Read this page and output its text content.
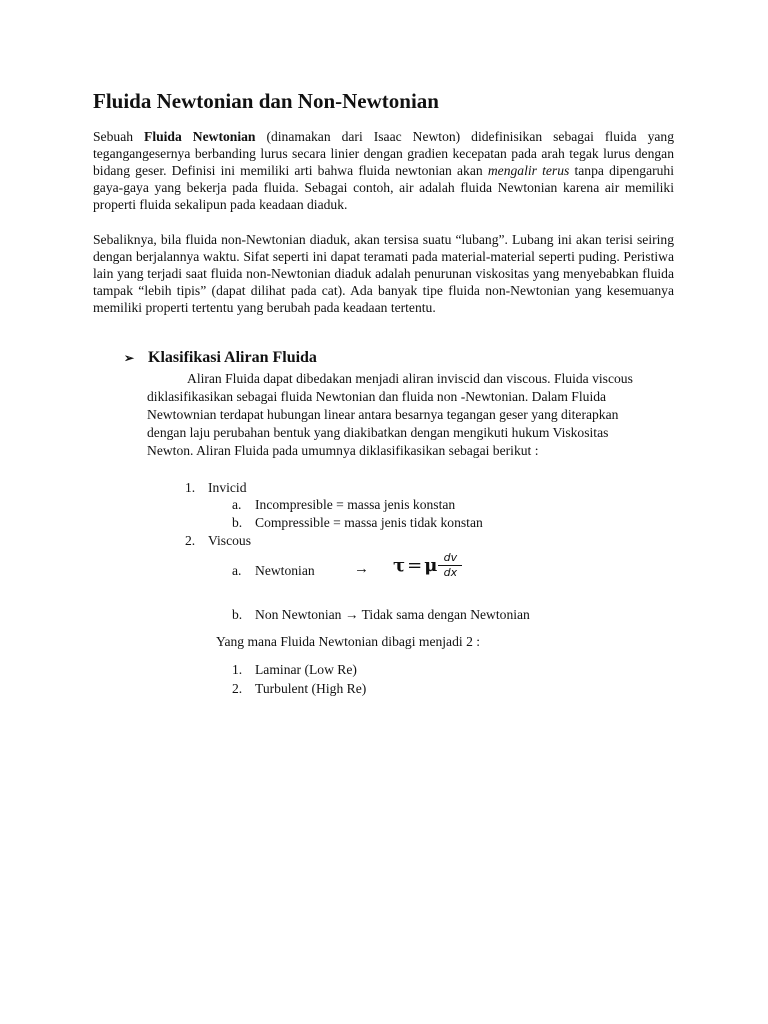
Fluida Newtonian dan Non-Newtonian

Sebuah Fluida Newtonian (dinamakan dari Isaac Newton) didefinisikan sebagai fluida yang tegangangesernya berbanding lurus secara linier dengan gradien kecepatan pada arah tegak lurus dengan bidang geser. Definisi ini memiliki arti bahwa fluida newtonian akan mengalir terus tanpa dipengaruhi gaya-gaya yang bekerja pada fluida. Sebagai contoh, air adalah fluida Newtonian karena air memiliki properti fluida sekalipun pada keadaan diaduk.

Sebaliknya, bila fluida non-Newtonian diaduk, akan tersisa suatu “lubang”. Lubang ini akan terisi seiring dengan berjalannya waktu. Sifat seperti ini dapat teramati pada material-material seperti puding. Peristiwa lain yang terjadi saat fluida non-Newtonian diaduk adalah penurunan viskositas yang menyebabkan fluida tampak “lebih tipis” (dapat dilihat pada cat). Ada banyak tipe fluida non-Newtonian yang kesemuanya memiliki properti tertentu yang berubah pada keadaan tertentu.

➢ Klasifikasi Aliran Fluida

Aliran Fluida dapat dibedakan menjadi aliran inviscid dan viscous. Fluida viscous diklasifikasikan sebagai fluida Newtonian dan fluida non -Newtonian. Dalam Fluida Newtownian terdapat hubungan linear antara besarnya tegangan geser yang diterapkan dengan laju perubahan bentuk yang diakibatkan dengan mengikuti hukum Viskositas Newton. Aliran Fluida pada umumnya diklasifikasikan sebagai berikut :

1. Invicid
a. Incompresible = massa jenis konstan
b. Compressible = massa jenis tidak konstan
2. Viscous
a. Newtonian	→ τ = μ $\frac{dv}{dx}$
b. Non Newtonian → Tidak sama dengan Newtonian
Yang mana Fluida Newtonian dibagi menjadi 2 :
1. Laminar (Low Re)
2. Turbulent (High Re)
